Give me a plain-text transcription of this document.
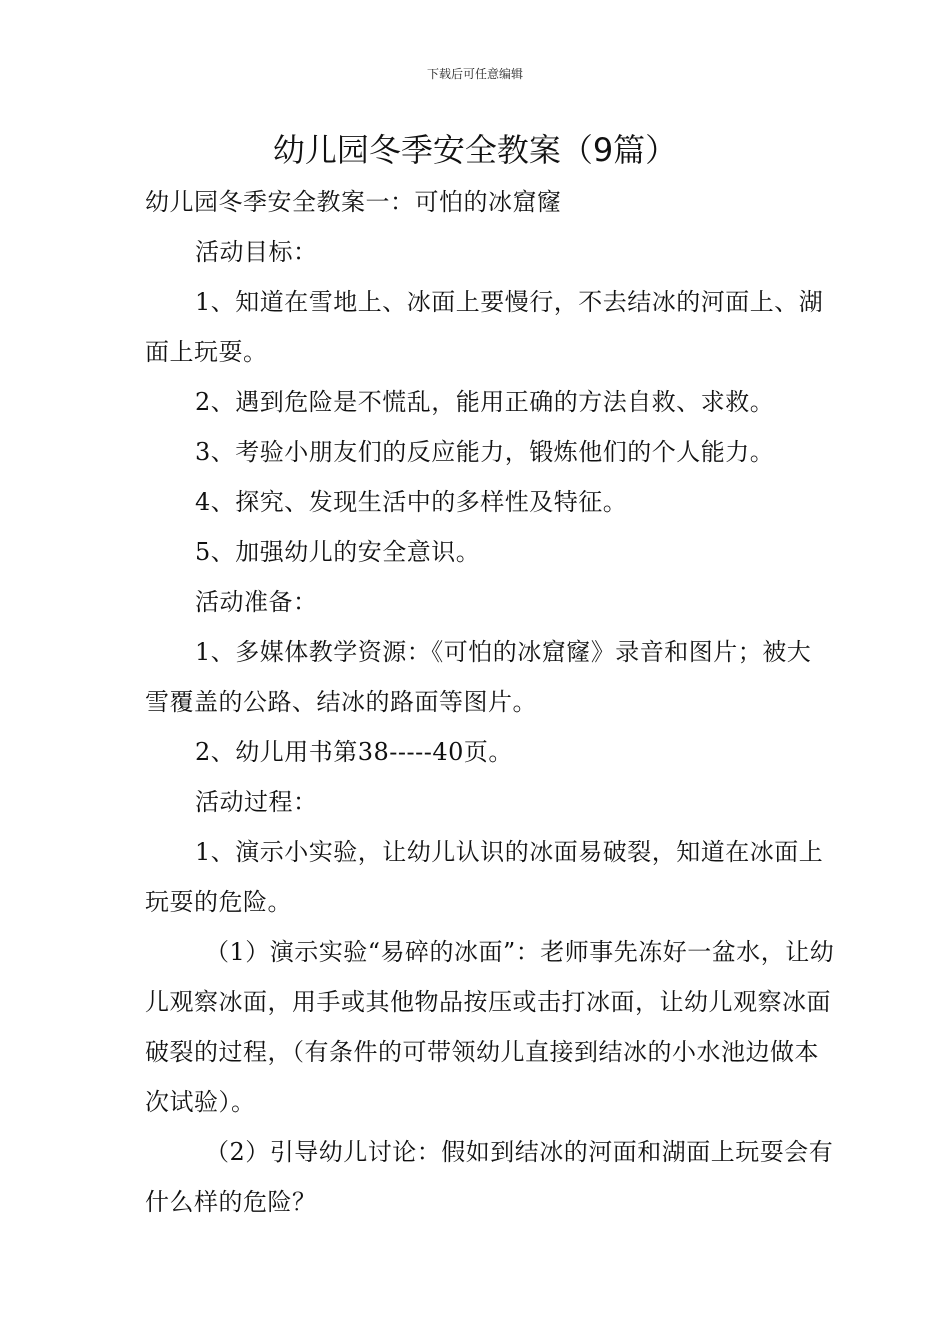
下载后可任意编辑
幼儿园冬季安全教案（9篇）

幼儿园冬季安全教案一：可怕的冰窟窿

活动目标：

1、知道在雪地上、冰面上要慢行，不去结冰的河面上、湖面上玩耍。

2、遇到危险是不慌乱，能用正确的方法自救、求救。

3、考验小朋友们的反应能力，锻炼他们的个人能力。

4、探究、发现生活中的多样性及特征。

5、加强幼儿的安全意识。

活动准备：

1、多媒体教学资源：《可怕的冰窟窿》录音和图片；被大雪覆盖的公路、结冰的路面等图片。

2、幼儿用书第38-----40页。

活动过程：

1、演示小实验，让幼儿认识的冰面易破裂，知道在冰面上玩耍的危险。

（1）演示实验“易碎的冰面”：老师事先冻好一盆水，让幼儿观察冰面，用手或其他物品按压或击打冰面，让幼儿观察冰面破裂的过程，（有条件的可带领幼儿直接到结冰的小水池边做本次试验）。

（2）引导幼儿讨论：假如到结冰的河面和湖面上玩耍会有什么样的危险？
